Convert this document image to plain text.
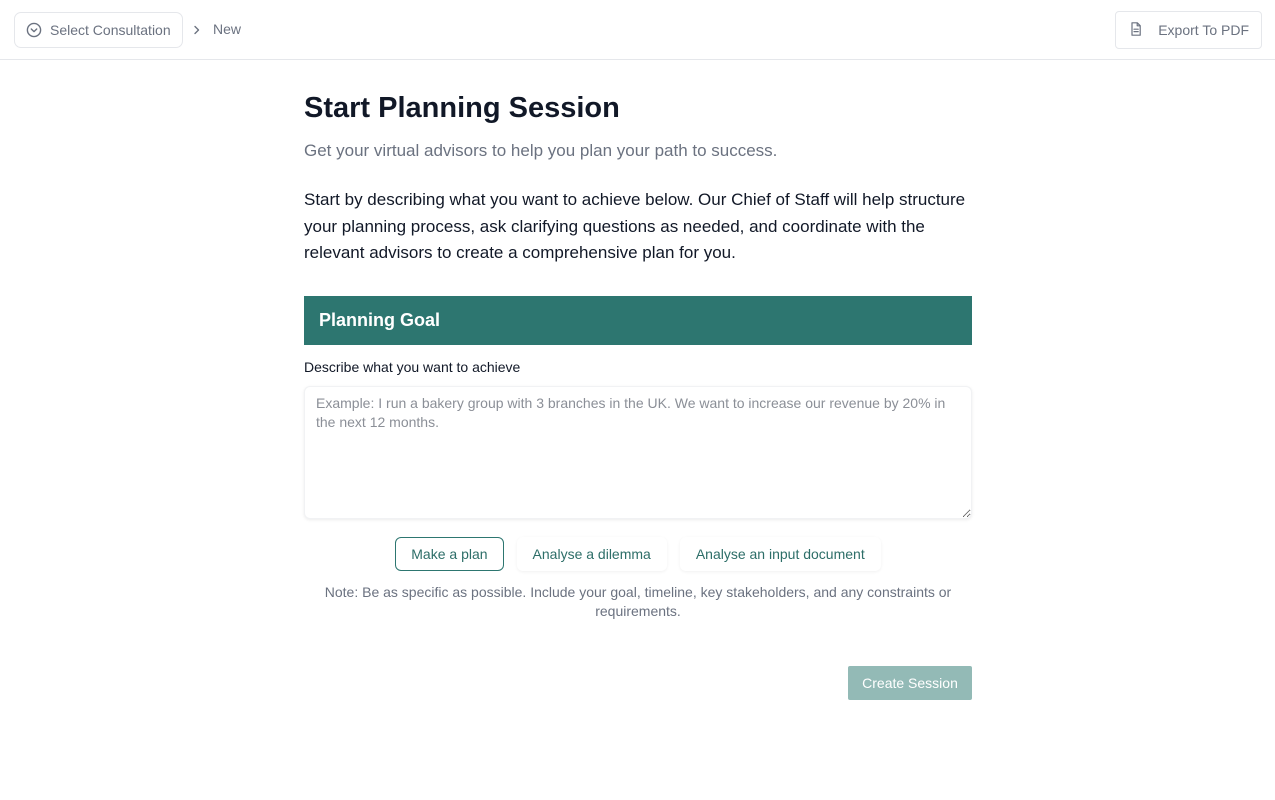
Select Consultation	New	Export To PDF
Start Planning Session

Get your virtual advisors to help you plan your path to success.

Start by describing what you want to achieve below. Our Chief of Staff will help structure your planning process, ask clarifying questions as needed, and coordinate with the relevant advisors to create a comprehensive plan for you.

Planning Goal
Describe what you want to achieve
Example: I run a bakery group with 3 branches in the UK. We want to increase our revenue by 20% in the next 12 months.
Make a plan	Analyse a dilemma	Analyse an input document
Note: Be as specific as possible. Include your goal, timeline, key stakeholders, and any constraints or requirements.
Create Session
